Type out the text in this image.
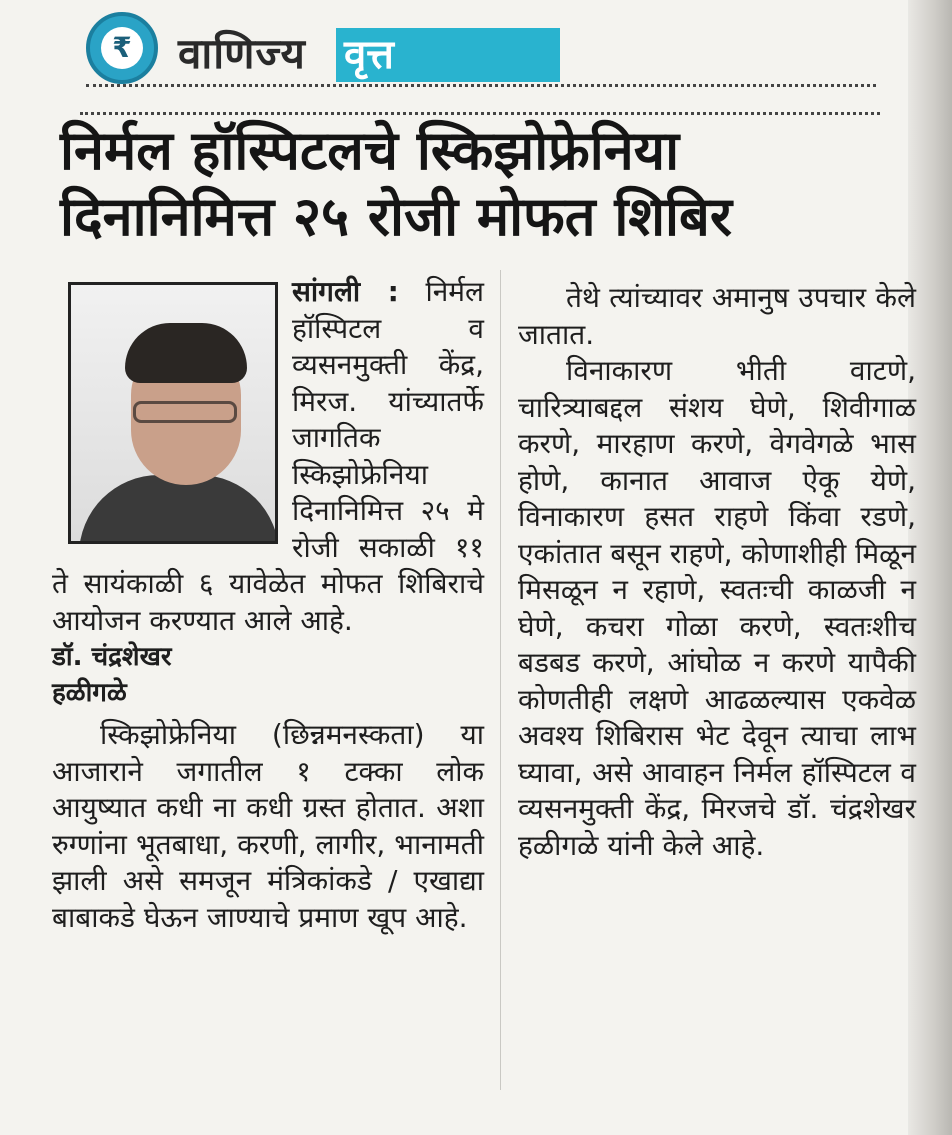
₹ वाणिज्य वृत्त
निर्मल हॉस्पिटलचे स्किझोफ्रेनिया
दिनानिमित्त २५ रोजी मोफत शिबिर

सांगली : निर्मल हॉस्पिटल व व्यसनमुक्ती केंद्र, मिरज. यांच्यातर्फे जागतिक स्किझोफ्रेनिया दिनानिमित्त २५ मे रोजी सकाळी ११ ते सायंकाळी ६ यावेळेत मोफत शिबिराचे आयोजन करण्यात आले आहे.

डॉ. चंद्रशेखर
हळीगळे

स्किझोफ्रेनिया (छिन्नमनस्कता) या आजाराने जगातील १ टक्का लोक आयुष्यात कधी ना कधी ग्रस्त होतात. अशा रुग्णांना भूतबाधा, करणी, लागीर, भानामती झाली असे समजून मंत्रिकांकडे / एखाद्या बाबाकडे घेऊन जाण्याचे प्रमाण खूप आहे.

तेथे त्यांच्यावर अमानुष उपचार केले जातात.

विनाकारण भीती वाटणे, चारित्र्याबद्दल संशय घेणे, शिवीगाळ करणे, मारहाण करणे, वेगवेगळे भास होणे, कानात आवाज ऐकू येणे, विनाकारण हसत राहणे किंवा रडणे, एकांतात बसून राहणे, कोणाशीही मिळून मिसळून न रहाणे, स्वतःची काळजी न घेणे, कचरा गोळा करणे, स्वतःशीच बडबड करणे, आंघोळ न करणे यापैकी कोणतीही लक्षणे आढळल्यास एकवेळ अवश्य शिबिरास भेट देवून त्याचा लाभ घ्यावा, असे आवाहन निर्मल हॉस्पिटल व व्यसनमुक्ती केंद्र, मिरजचे डॉ. चंद्रशेखर हळीगळे यांनी केले आहे.
